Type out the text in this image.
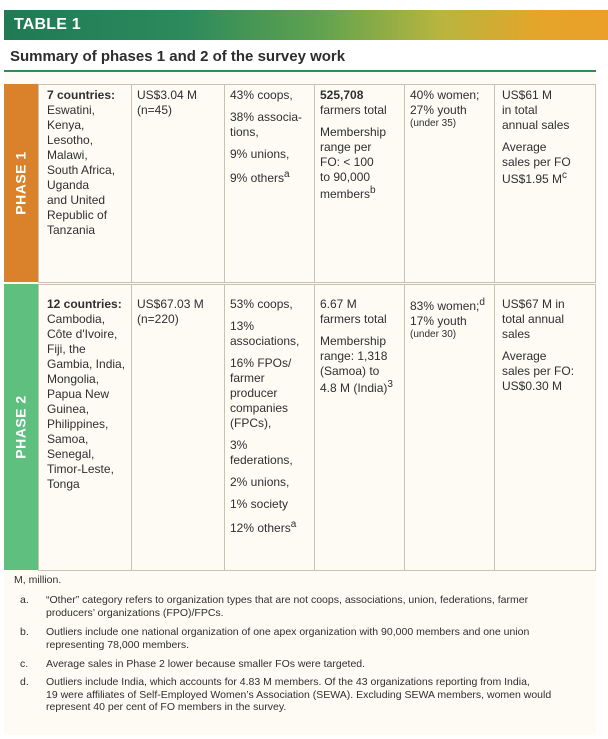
TABLE 1
Summary of phases 1 and 2 of the survey work
PHASE 1
PHASE 2
7 countries:
Eswatini,
Kenya,
Lesotho,
Malawi,
South Africa,
Uganda
and United
Republic of
Tanzania
US$3.04 M
(n=45)
43% coops,
38% associa-
tions,
9% unions,
9% others$^a$
525,708
farmers total
Membership
range per
FO: < 100
to 90,000
members$^b$
40% women;
27% youth
(under 35)
US$61 M
in total
annual sales
Average
sales per FO
US$1.95 $M^c$
12 countries:
Cambodia,
Côte d'Ivoire,
Fiji, the
Gambia, India,
Mongolia,
Papua New
Guinea,
Philippines,
Samoa,
Senegal,
Timor-Leste,
Tonga
US$67.03 M
(n=220)
53% coops,
13%
associations,
16% FPOs/
farmer
producer
companies
(FPCs),
3%
federations,
2% unions,
1% society
12% others$^a$
6.67 M
farmers total
Membership
range: 1,318
(Samoa) to
4.8 M (India)$^3$
83% women;$^d$
17% youth
(under 30)
US$67 M in
total annual
sales
Average
sales per FO:
US$0.30 M
M, million.
a. “Other” category refers to organization types that are not coops, associations, union, federations, farmer
producers’ organizations (FPO)/FPCs.
b. Outliers include one national organization of one apex organization with 90,000 members and one union
representing 78,000 members.
c. Average sales in Phase 2 lower because smaller FOs were targeted.
d. Outliers include India, which accounts for 4.83 M members. Of the 43 organizations reporting from India,
19 were affiliates of Self-Employed Women’s Association (SEWA). Excluding SEWA members, women would
represent 40 per cent of FO members in the survey.
